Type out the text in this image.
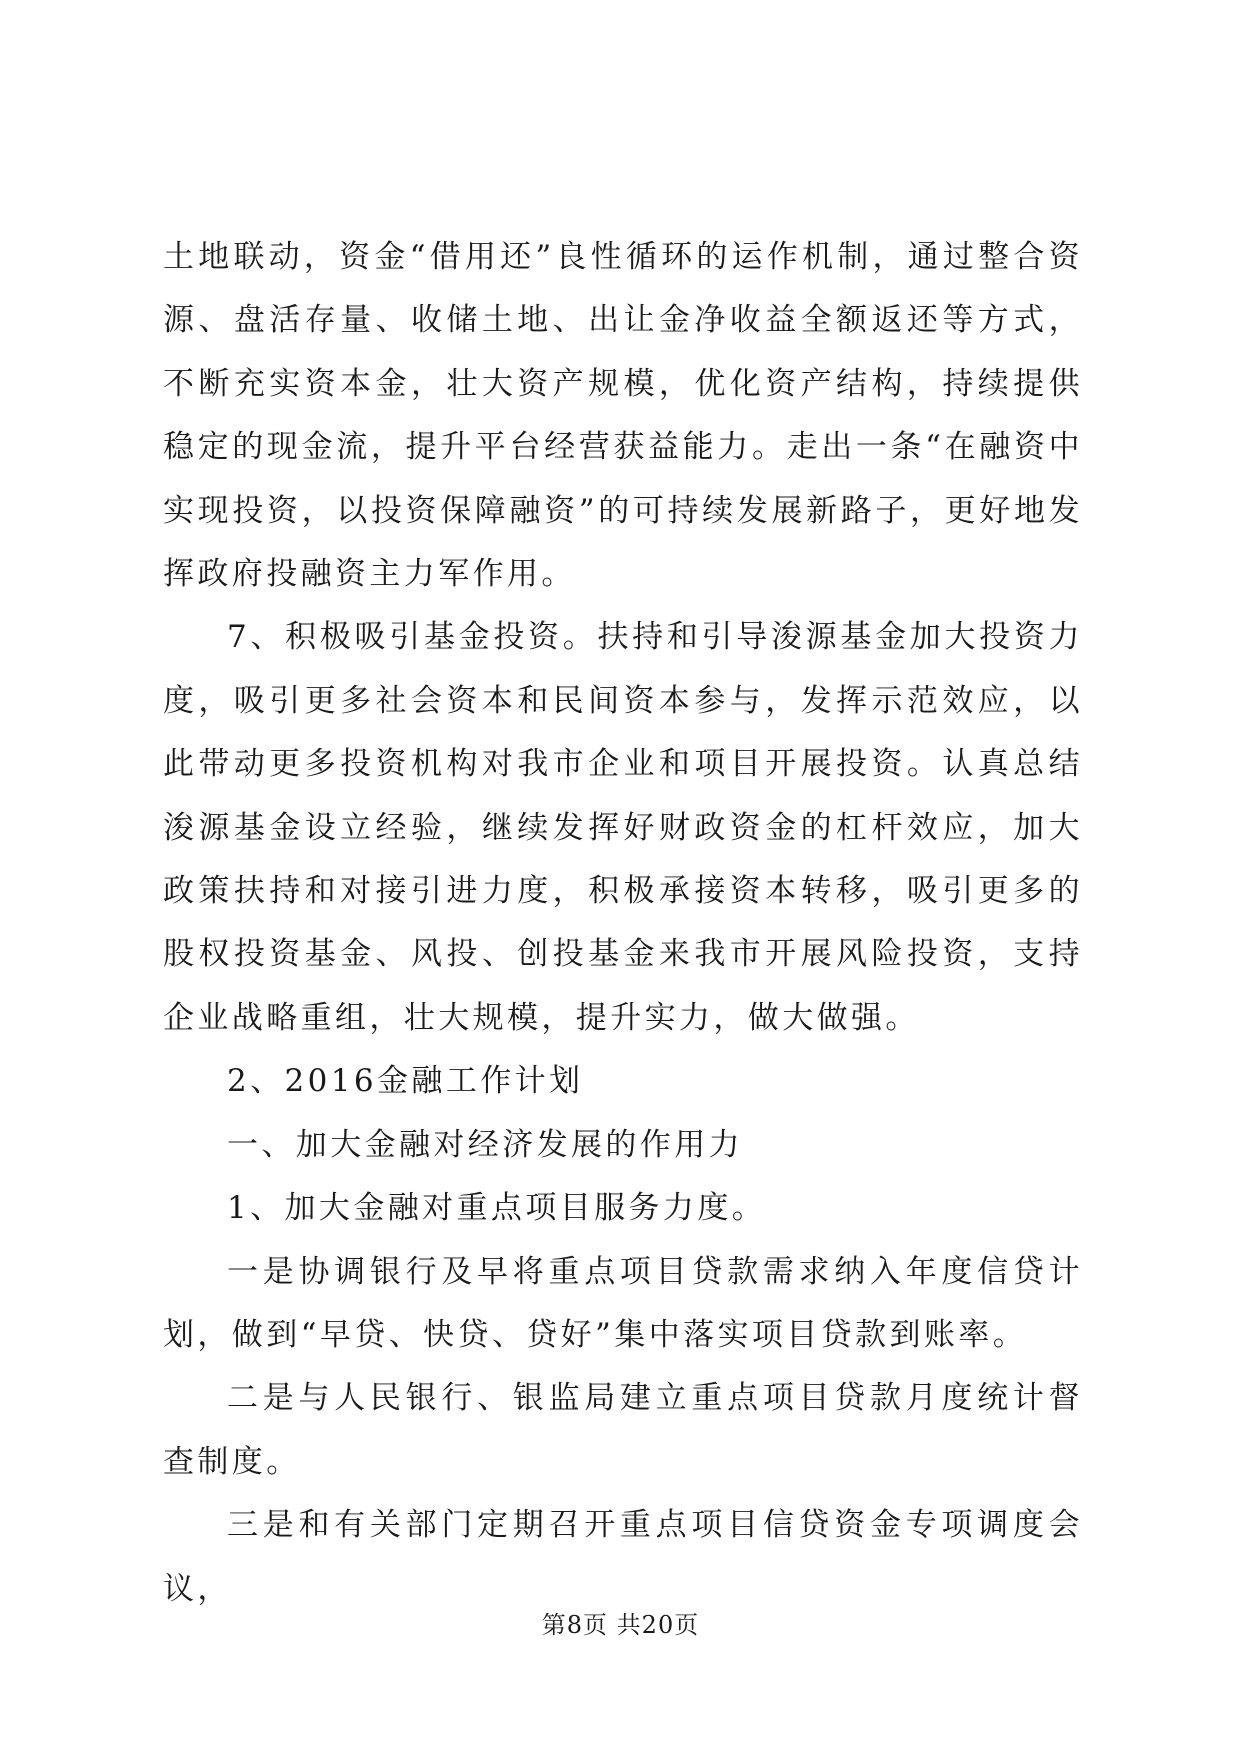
土地联动，资金“借用还”良性循环的运作机制，通过整合资源、盘活存量、收储土地、出让金净收益全额返还等方式，不断充实资本金，壮大资产规模，优化资产结构，持续提供稳定的现金流，提升平台经营获益能力。走出一条“在融资中实现投资，以投资保障融资”的可持续发展新路子，更好地发挥政府投融资主力军作用。

7、积极吸引基金投资。扶持和引导浚源基金加大投资力度，吸引更多社会资本和民间资本参与，发挥示范效应，以此带动更多投资机构对我市企业和项目开展投资。认真总结浚源基金设立经验，继续发挥好财政资金的杠杆效应，加大政策扶持和对接引进力度，积极承接资本转移，吸引更多的股权投资基金、风投、创投基金来我市开展风险投资，支持企业战略重组，壮大规模，提升实力，做大做强。

2、2016金融工作计划

一、加大金融对经济发展的作用力

1、加大金融对重点项目服务力度。

一是协调银行及早将重点项目贷款需求纳入年度信贷计划，做到“早贷、快贷、贷好”集中落实项目贷款到账率。

二是与人民银行、银监局建立重点项目贷款月度统计督查制度。

三是和有关部门定期召开重点项目信贷资金专项调度会议，

第8页 共20页
